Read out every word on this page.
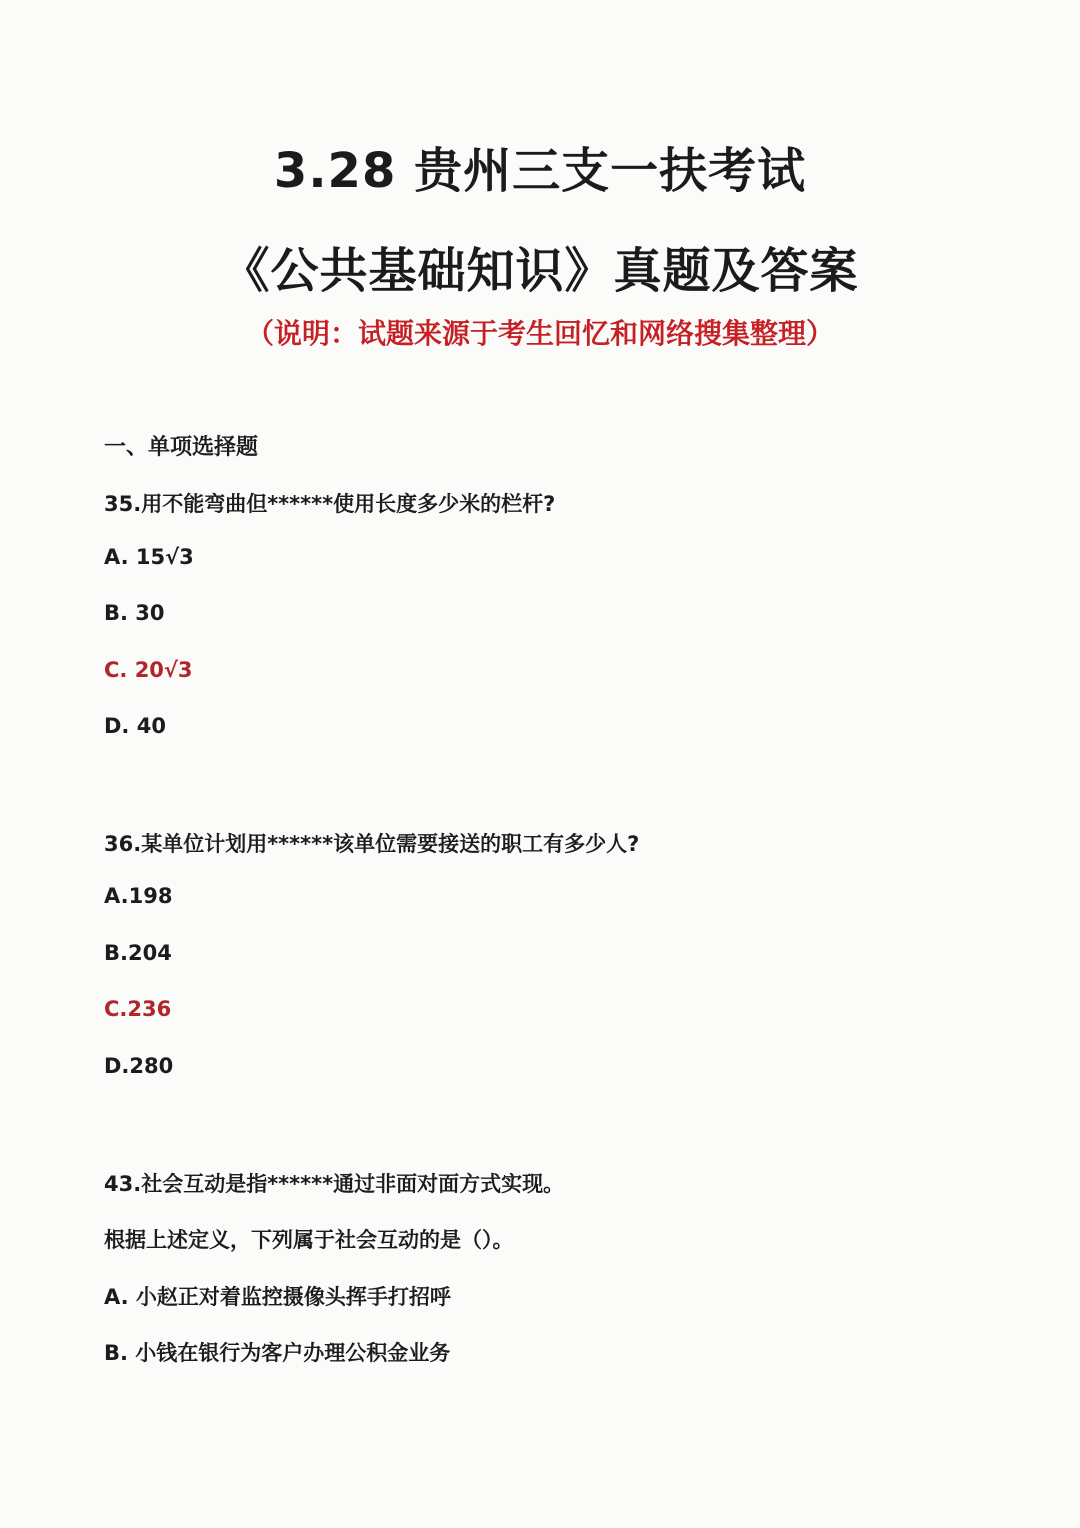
3.28 贵州三支一扶考试
《公共基础知识》真题及答案
（说明：试题来源于考生回忆和网络搜集整理）
一、单项选择题
35.用不能弯曲但******使用长度多少米的栏杆?
A. 15√3
B. 30
C. 20√3
D. 40
36.某单位计划用******该单位需要接送的职工有多少人?
A.198
B.204
C.236
D.280
43.社会互动是指******通过非面对面方式实现。
根据上述定义，下列属于社会互动的是（）。
A. 小赵正对着监控摄像头挥手打招呼
B. 小钱在银行为客户办理公积金业务
